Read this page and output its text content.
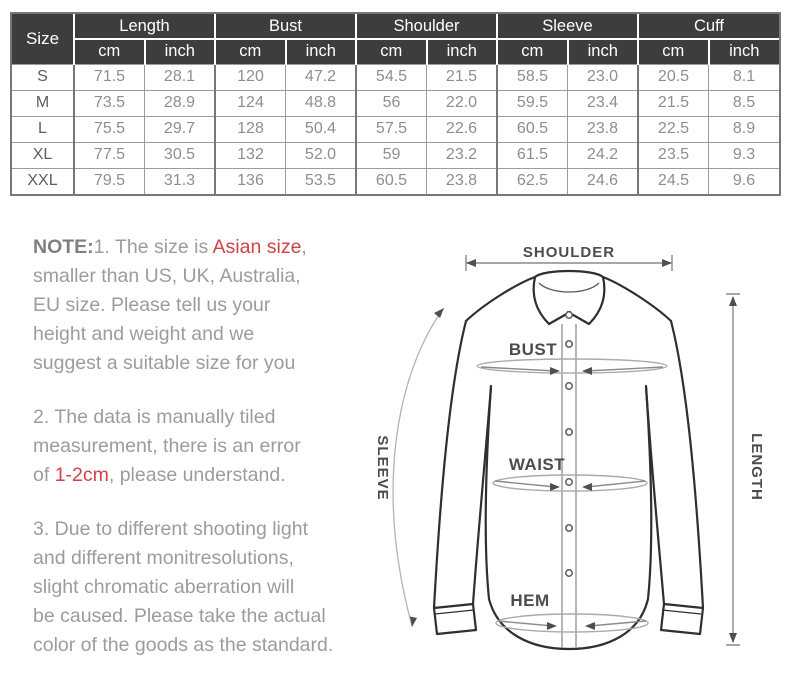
Size	Length		Bust		Shoulder		Sleeve		Cuff	
	cm	inch	cm	inch	cm	inch	cm	inch	cm	inch
S	71.5	28.1	120	47.2	54.5	21.5	58.5	23.0	20.5	8.1
M	73.5	28.9	124	48.8	56	22.0	59.5	23.4	21.5	8.5
L	75.5	29.7	128	50.4	57.5	22.6	60.5	23.8	22.5	8.9
XL	77.5	30.5	132	52.0	59	23.2	61.5	24.2	23.5	9.3
XXL	79.5	31.3	136	53.5	60.5	23.8	62.5	24.6	24.5	9.6

NOTE:1. The size is Asian size,
smaller than US, UK, Australia,
EU size. Please tell us your
height and weight and we
suggest a suitable size for you

2. The data is manually tiled
measurement, there is an error
of 1-2cm, please understand.

3. Due to different shooting light
and different monitresolutions,
slight chromatic aberration will
be caused. Please take the actual
color of the goods as the standard.

SHOULDER
BUST
WAIST
HEM
SLEEVE	LENGTH
